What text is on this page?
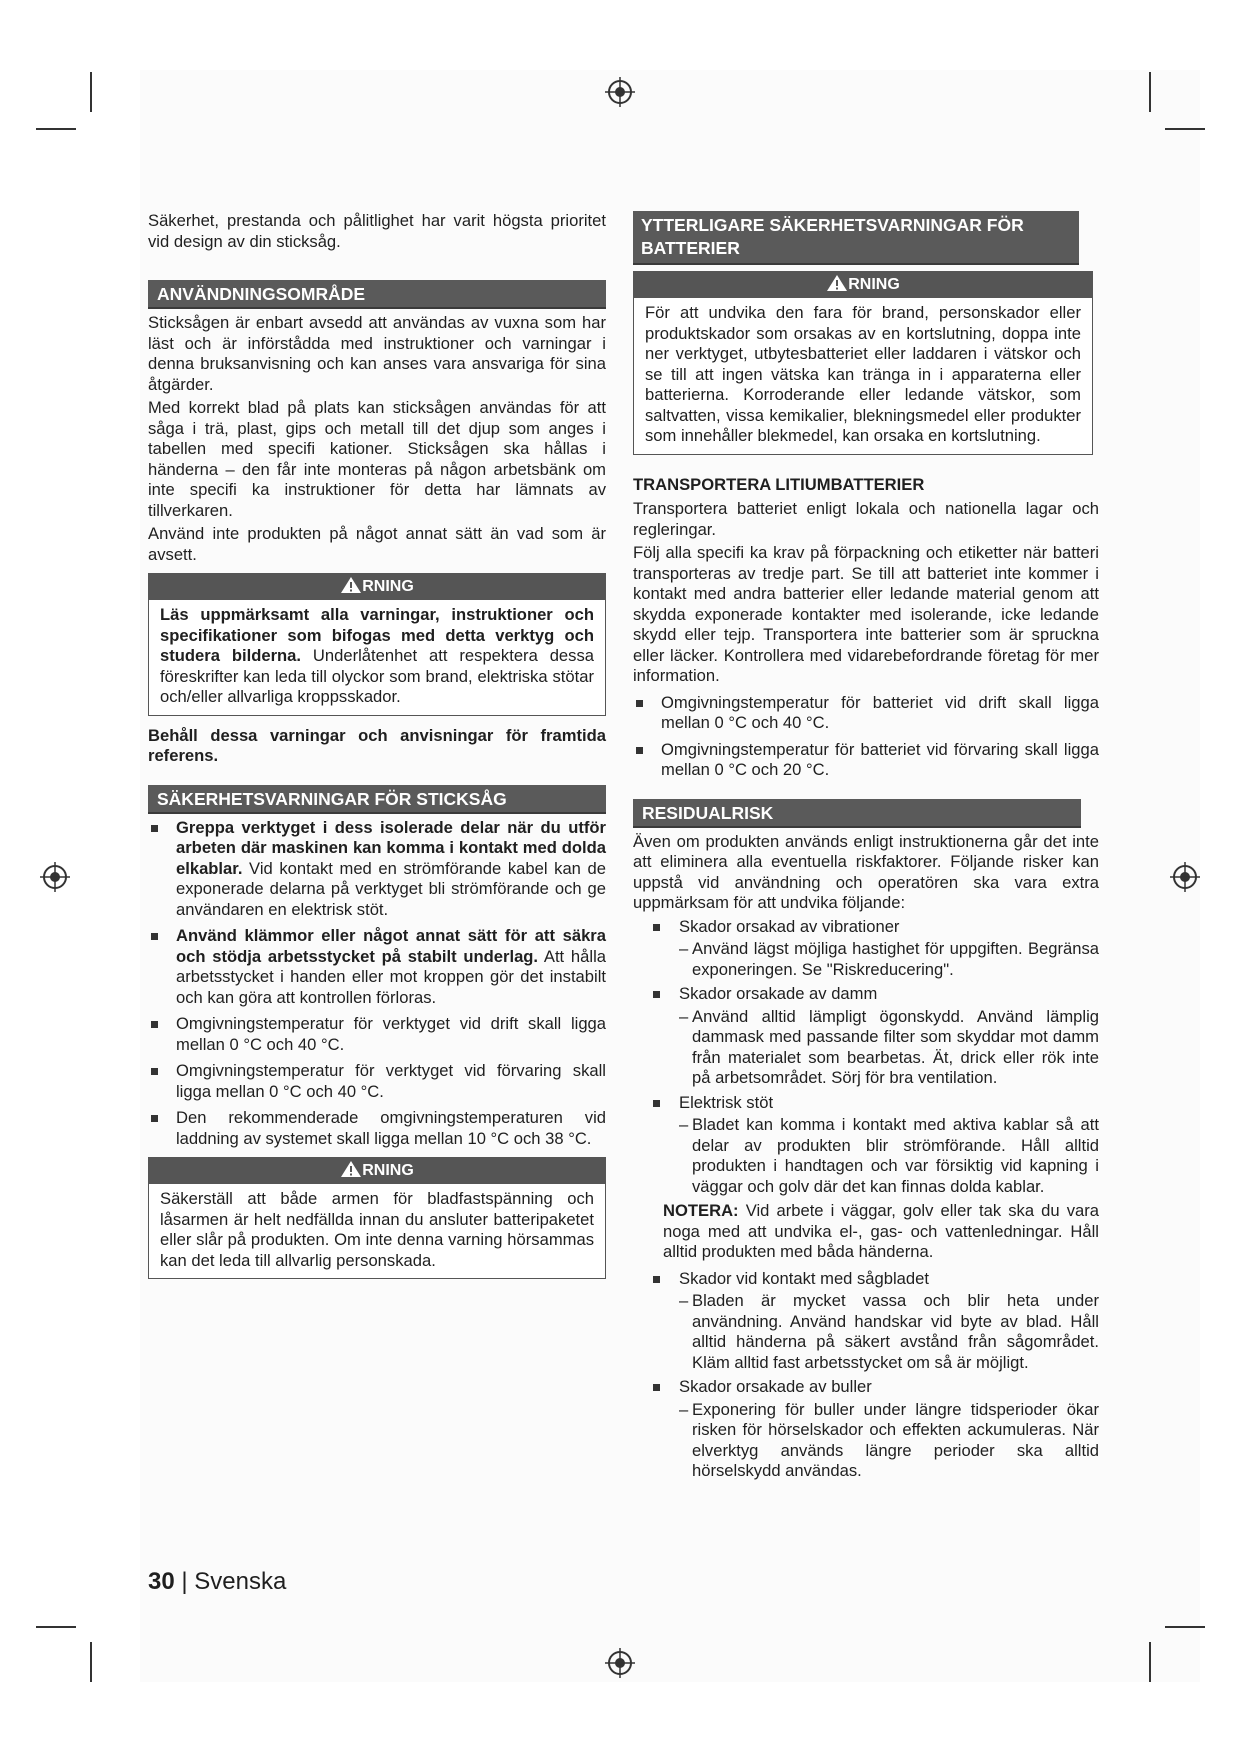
Säkerhet, prestanda och pålitlighet har varit högsta prioritet vid design av din sticksåg.

ANVÄNDNINGSOMRÅDE

Sticksågen är enbart avsedd att användas av vuxna som har läst och är införstådda med instruktioner och varningar i denna bruksanvisning och kan anses vara ansvariga för sina åtgärder.

Med korrekt blad på plats kan sticksågen användas för att såga i trä, plast, gips och metall till det djup som anges i tabellen med specifi kationer. Sticksågen ska hållas i händerna – den får inte monteras på någon arbetsbänk om inte specifi ka instruktioner för detta har lämnats av tillverkaren.

Använd inte produkten på något annat sätt än vad som är avsett.

RNING

Läs uppmärksamt alla varningar, instruktioner och specifikationer som bifogas med detta verktyg och studera bilderna. Underlåtenhet att respektera dessa föreskrifter kan leda till olyckor som brand, elektriska stötar och/eller allvarliga kroppsskador.

Behåll dessa varningar och anvisningar för framtida referens.

SÄKERHETSVARNINGAR FÖR STICKSÅG
Greppa verktyget i dess isolerade delar när du utför arbeten där maskinen kan komma i kontakt med dolda elkablar. Vid kontakt med en strömförande kabel kan de exponerade delarna på verktyget bli strömförande och ge användaren en elektrisk stöt.
Använd klämmor eller något annat sätt för att säkra och stödja arbetsstycket på stabilt underlag. Att hålla arbetsstycket i handen eller mot kroppen gör det instabilt och kan göra att kontrollen förloras.
Omgivningstemperatur för verktyget vid drift skall ligga mellan 0 °C och 40 °C.
Omgivningstemperatur för verktyget vid förvaring skall ligga mellan 0 °C och 40 °C.
Den rekommenderade omgivningstemperaturen vid laddning av systemet skall ligga mellan 10 °C och 38 °C.
RNING

Säkerställ att både armen för bladfastspänning och låsarmen är helt nedfällda innan du ansluter batteripaketet eller slår på produkten. Om inte denna varning hörsammas kan det leda till allvarlig personskada.

YTTERLIGARE SÄKERHETSVARNINGAR FÖR BATTERIER
RNING

För att undvika den fara för brand, personskador eller produktskador som orsakas av en kortslutning, doppa inte ner verktyget, utbytesbatteriet eller laddaren i vätskor och se till att ingen vätska kan tränga in i apparaterna eller batterierna. Korroderande eller ledande vätskor, som saltvatten, vissa kemikalier, blekningsmedel eller produkter som innehåller blekmedel, kan orsaka en kortslutning.

TRANSPORTERA LITIUMBATTERIER

Transportera batteriet enligt lokala och nationella lagar och regleringar.

Följ alla specifi ka krav på förpackning och etiketter när batteri transporteras av tredje part. Se till att batteriet inte kommer i kontakt med andra batterier eller ledande material genom att skydda exponerade kontakter med isolerande, icke ledande skydd eller tejp. Transportera inte batterier som är spruckna eller läcker. Kontrollera med vidarebefordrande företag för mer information.

Omgivningstemperatur för batteriet vid drift skall ligga mellan 0 °C och 40 °C.
Omgivningstemperatur för batteriet vid förvaring skall ligga mellan 0 °C och 20 °C.
RESIDUALRISK

Även om produkten används enligt instruktionerna går det inte att eliminera alla eventuella riskfaktorer. Följande risker kan uppstå vid användning och operatören ska vara extra uppmärksam för att undvika följande:

Skador orsakad av vibrationer
– Använd lägst möjliga hastighet för uppgiften. Begränsa exponeringen. Se "Riskreducering".
Skador orsakade av damm
– Använd alltid lämpligt ögonskydd. Använd lämplig dammask med passande filter som skyddar mot damm från materialet som bearbetas. Ät, drick eller rök inte på arbetsområdet. Sörj för bra ventilation.
Elektrisk stöt
– Bladet kan komma i kontakt med aktiva kablar så att delar av produkten blir strömförande. Håll alltid produkten i handtagen och var försiktig vid kapning i väggar och golv där det kan finnas dolda kablar.

NOTERA: Vid arbete i väggar, golv eller tak ska du vara noga med att undvika el-, gas- och vattenledningar. Håll alltid produkten med båda händerna.

Skador vid kontakt med sågbladet
– Bladen är mycket vassa och blir heta under användning. Använd handskar vid byte av blad. Håll alltid händerna på säkert avstånd från sågområdet. Kläm alltid fast arbetsstycket om så är möjligt.
Skador orsakade av buller
– Exponering för buller under längre tidsperioder ökar risken för hörselskador och effekten ackumuleras. När elverktyg används längre perioder ska alltid hörselskydd användas.
30 | Svenska
